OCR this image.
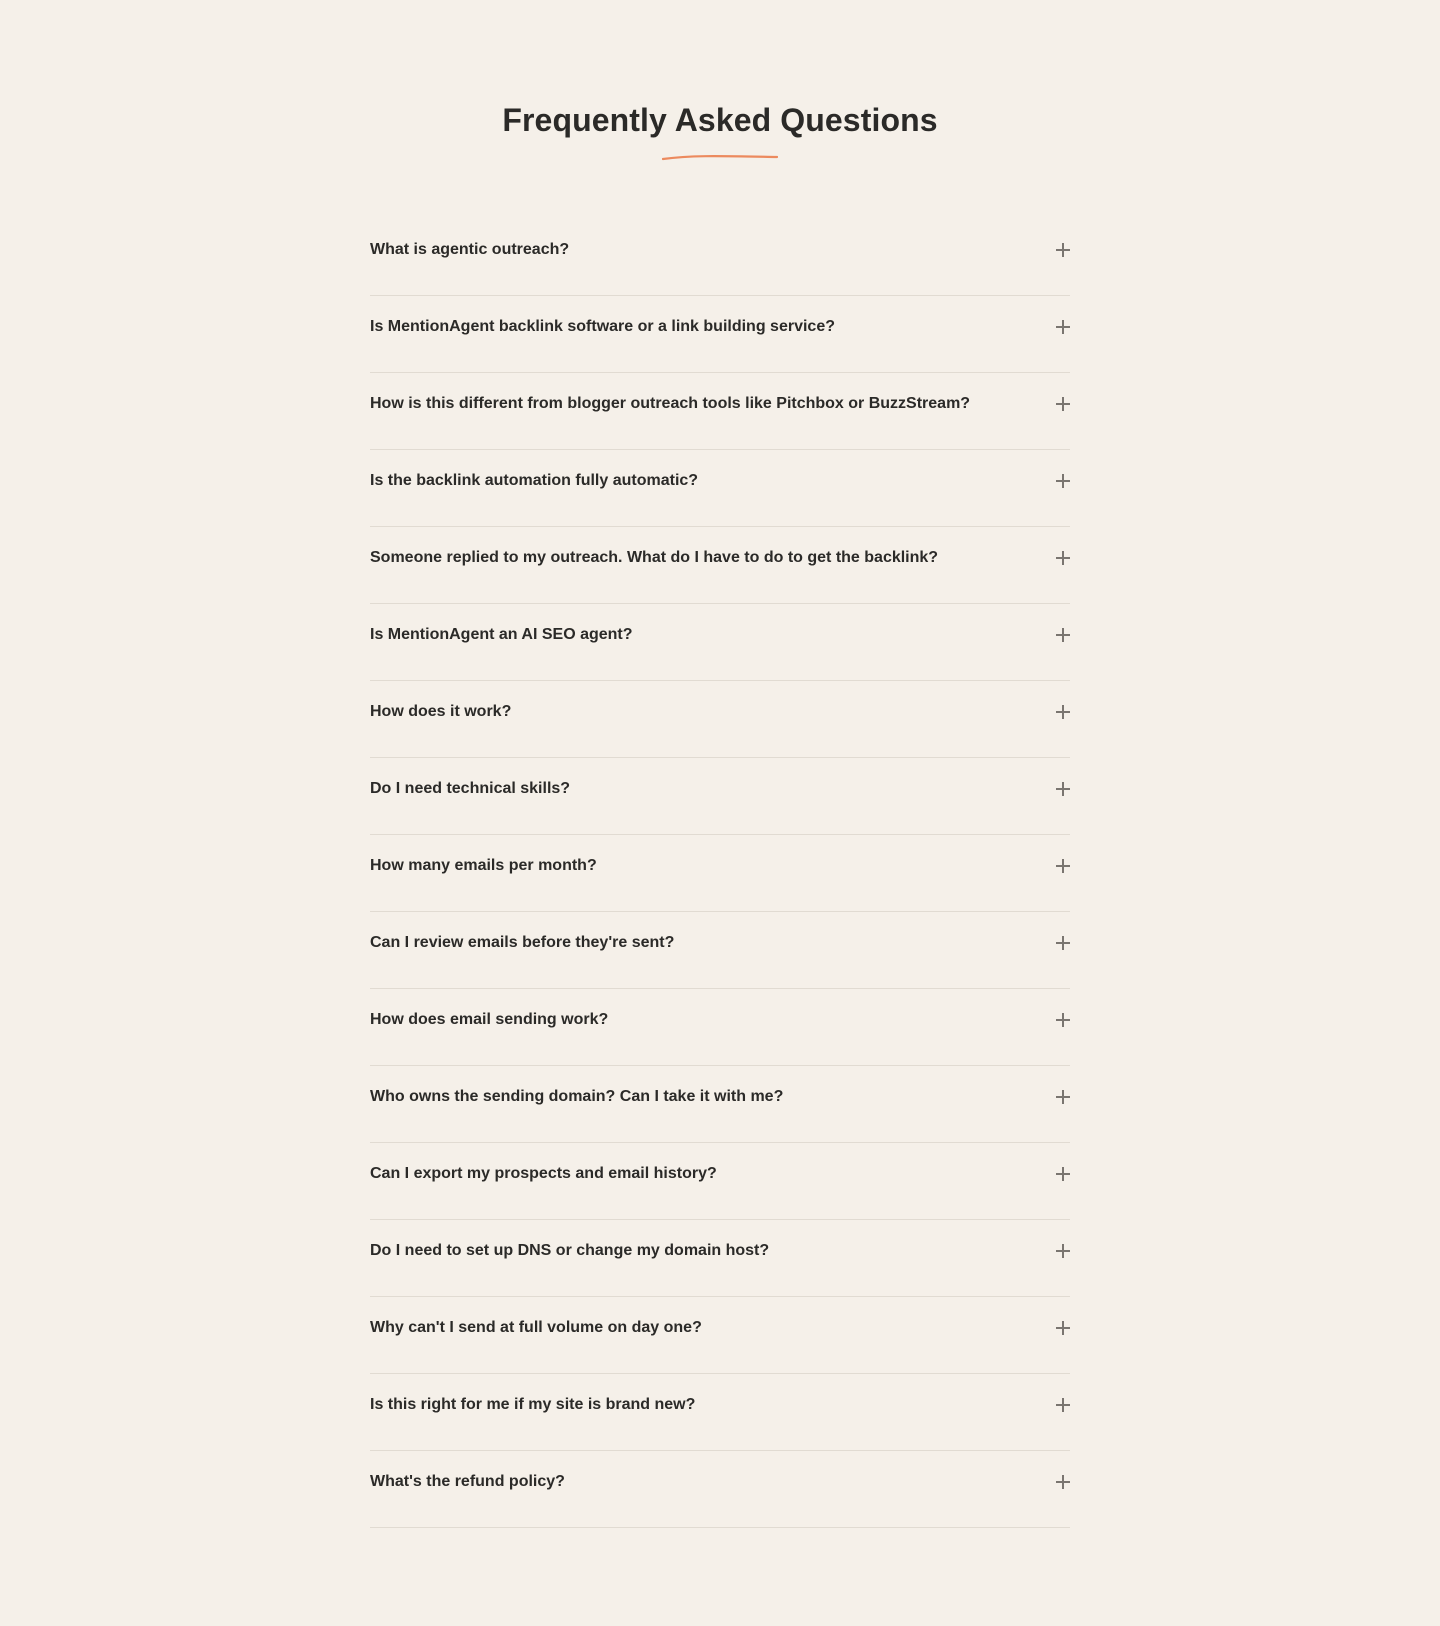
Frequently Asked Questions
What is agentic outreach?
Is MentionAgent backlink software or a link building service?
How is this different from blogger outreach tools like Pitchbox or BuzzStream?
Is the backlink automation fully automatic?
Someone replied to my outreach. What do I have to do to get the backlink?
Is MentionAgent an AI SEO agent?
How does it work?
Do I need technical skills?
How many emails per month?
Can I review emails before they're sent?
How does email sending work?
Who owns the sending domain? Can I take it with me?
Can I export my prospects and email history?
Do I need to set up DNS or change my domain host?
Why can't I send at full volume on day one?
Is this right for me if my site is brand new?
What's the refund policy?
